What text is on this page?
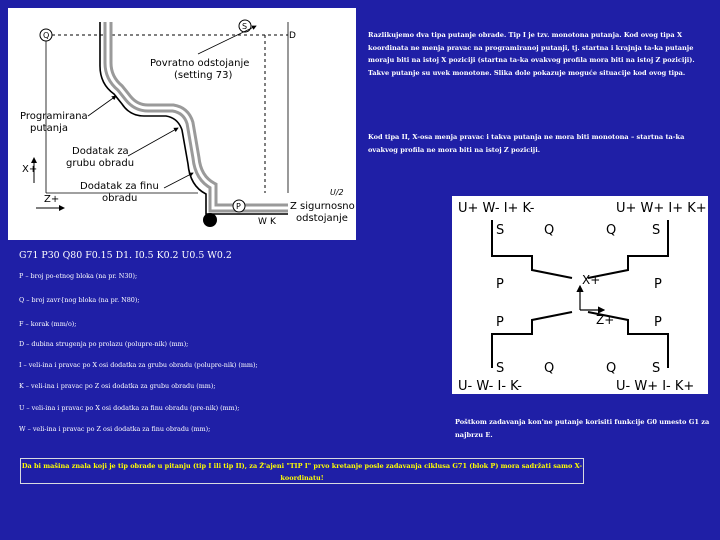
Q
S
D
Povratno odstojanje
(setting 73)
Programirana
putanja
Dodatak za
grubu obradu
Dodatak za finu
obradu
X+
Z+
P
W K
U/2
Z sigurnosno
odstojanje
Razlikujemo dva tipa putanje obrade. Tip I je tzv. monotona putanja. Kod ovog tipa X koordinata ne menja pravac na programiranoj putanji, tj. startna i krajnja ta-ka putanje moraju biti na istoj X poziciji (startna ta-ka ovakvog profila mora biti na istoj Z poziciji). Takve putanje su uvek monotone. Slika dole pokazuje moguće situacije kod ovog tipa.
Kod tipa II, X-osa menja pravac i takva putanja ne mora biti monotona – startna ta-ka ovakvog profila ne mora biti na istoj Z poziciji.
U+ W- I+ K-	U+ W+ I+ K+
U- W- I- K-	U- W+ I- K+
S	Q	Q	S
P	P
P	P
S	Q	Q	S
X+
Z+
G71 P30 Q80 F0.15 D1. I0.5 K0.2 U0.5 W0.2
P – broj po-etnog bloka (na pr. N30);
Q – broj zavr{nog bloka (na pr. N80);
F – korak (mm/o);
D – dubina strugenja po prolazu (polupre-nik) (mm);
I – veli-ina i pravac po X osi dodatka za grubu obradu (polupre-nik) (mm);
K – veli-ina i pravac po Z osi dodatka za grubu obradu (mm);
U – veli-ina i pravac po X osi dodatka za finu obradu (pre-nik) (mm);
W – veli-ina i pravac po Z osi dodatka za finu obradu (mm);
Poštkom zadavanja kon'ne putanje korisiti funkcije G0 umesto G1 za najbrzu E.
Da bi mašina znala koji je tip obrade u pitanju (tip I ili tip II), za Ž'ajeni "TIP I" prvo kretanje posle zadavanja ciklusa G71 (blok P) mora sadržati samo X-koordinatu!
